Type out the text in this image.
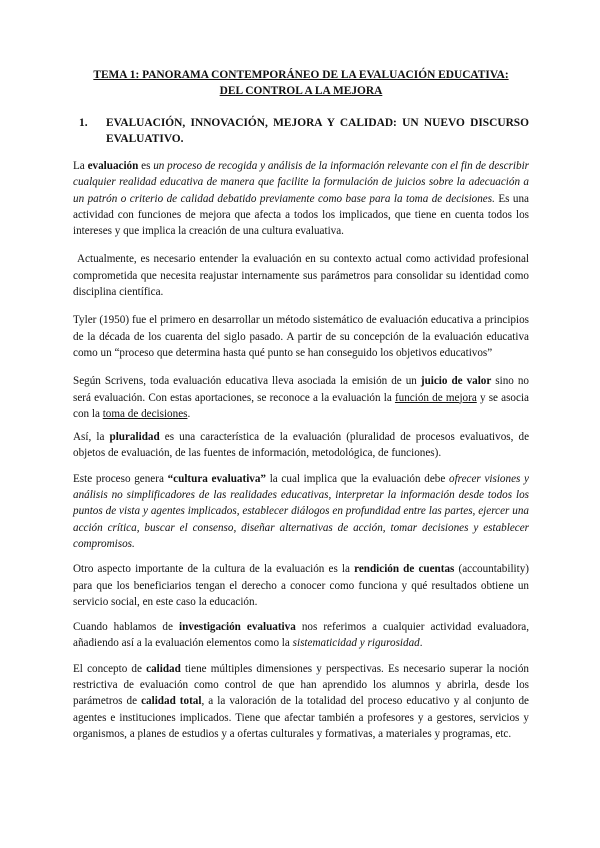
TEMA 1: PANORAMA CONTEMPORÁNEO DE LA EVALUACIÓN EDUCATIVA:
DEL CONTROL A LA MEJORA
1.	EVALUACIÓN, INNOVACIÓN, MEJORA Y CALIDAD: UN NUEVO DISCURSO EVALUATIVO.

La evaluación es un proceso de recogida y análisis de la información relevante con el fin de describir cualquier realidad educativa de manera que facilite la formulación de juicios sobre la adecuación a un patrón o criterio de calidad debatido previamente como base para la toma de decisiones. Es una actividad con funciones de mejora que afecta a todos los implicados, que tiene en cuenta todos los intereses y que implica la creación de una cultura evaluativa.

Actualmente, es necesario entender la evaluación en su contexto actual como actividad profesional comprometida que necesita reajustar internamente sus parámetros para consolidar su identidad como disciplina científica.

Tyler (1950) fue el primero en desarrollar un método sistemático de evaluación educativa a principios de la década de los cuarenta del siglo pasado. A partir de su concepción de la evaluación educativa como un “proceso que determina hasta qué punto se han conseguido los objetivos educativos”

Según Scrivens, toda evaluación educativa lleva asociada la emisión de un juicio de valor sino no será evaluación. Con estas aportaciones, se reconoce a la evaluación la función de mejora y se asocia con la toma de decisiones.

Así, la pluralidad es una característica de la evaluación (pluralidad de procesos evaluativos, de objetos de evaluación, de las fuentes de información, metodológica, de funciones).

Este proceso genera “cultura evaluativa” la cual implica que la evaluación debe ofrecer visiones y análisis no simplificadores de las realidades educativas, interpretar la información desde todos los puntos de vista y agentes implicados, establecer diálogos en profundidad entre las partes, ejercer una acción crítica, buscar el consenso, diseñar alternativas de acción, tomar decisiones y establecer compromisos.

Otro aspecto importante de la cultura de la evaluación es la rendición de cuentas (accountability) para que los beneficiarios tengan el derecho a conocer como funciona y qué resultados obtiene un servicio social, en este caso la educación.

Cuando hablamos de investigación evaluativa nos referimos a cualquier actividad evaluadora, añadiendo así a la evaluación elementos como la sistematicidad y rigurosidad.

El concepto de calidad tiene múltiples dimensiones y perspectivas. Es necesario superar la noción restrictiva de evaluación como control de que han aprendido los alumnos y abrirla, desde los parámetros de calidad total, a la valoración de la totalidad del proceso educativo y al conjunto de agentes e instituciones implicados. Tiene que afectar también a profesores y a gestores, servicios y organismos, a planes de estudios y a ofertas culturales y formativas, a materiales y programas, etc.
